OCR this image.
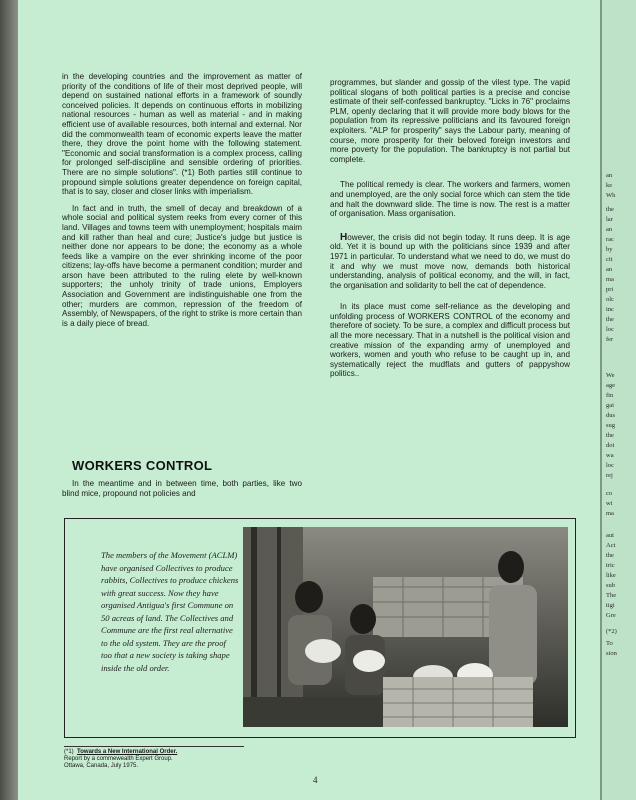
in the developing countries and the improvement as matter of priority of the conditions of life of their most deprived people, will depend on sustained national efforts in a framework of soundly conceived policies. It depends on continuous efforts in mobilizing national resources - human as well as material - and in making efficient use of available resources, both internal and external. Nor did the commonwealth team of economic experts leave the matter there, they drove the point home with the following statement. "Economic and social transformation is a complex process, calling for prolonged self-discipline and sensible ordering of priorities. There are no simple solutions". (*1) Both parties still continue to propound simple solutions greater dependence on foreign capital, that is to say, closer and closer links with imperialism.

In fact and in truth, the smell of decay and breakdown of a whole social and political system reeks from every corner of this land. Villages and towns teem with unemployment; hospitals maim and kill rather than heal and cure; Justice's judge but justice is neither done nor appears to be done; the economy as a whole feeds like a vampire on the ever shrinking income of the poor citizens; lay-offs have become a permanent condition; murder and arson have been attributed to the ruling elete by well-known supporters; the unholy trinity of trade unions, Employers Association and Government are indistinguishable one from the other; murders are common, repression of the freedom of Assembly, of Newspapers, of the right to strike is more certain than is a daily piece of bread.

WORKERS CONTROL

In the meantime and in between time, both parties, like two blind mice, propound not policies and

programmes, but slander and gossip of the vilest type. The vapid political slogans of both political parties is a precise and concise estimate of their self-confessed bankruptcy. "Licks in 76" proclaims PLM, openly declaring that it will provide more body blows for the population from its repressive politicians and its favoured foreign exploiters. "ALP for prosperity" says the Labour party, meaning of course, more prosperity for their beloved foreign investors and more poverty for the population. The bankruptcy is not partial but complete.

The political remedy is clear. The workers and farmers, women and unemployed, are the only social force which can stem the tide and halt the downward slide. The time is now. The rest is a matter of organisation. Mass organisation.

However, the crisis did not begin today. It runs deep. It is age old. Yet it is bound up with the politicians since 1939 and after 1971 in particular. To understand what we need to do, we must do it and why we must move now, demands both historical understanding, analysis of political economy, and the will, in fact, the organisation and solidarity to bell the cat of dependence.

In its place must come self-reliance as the developing and unfolding process of WORKERS CONTROL of the economy and therefore of society. To be sure, a complex and difficult process but all the more necessary. That in a nutshell is the political vision and creative mission of the expanding army of unemployed and workers, women and youth who refuse to be caught up in, and systematically reject the mudflats and gutters of pappyshow politics..

The members of the Movement (ACLM) have organised Collectives to produce rabbits, Collectives to produce chickens with great success. Now they have organised Antigua's first Commune on 50 acreas of land. The Collectives and Commune are the first real alternative to the old system. They are the proof too that a new society is taking shape inside the old order.
(*1) Towards a New International Order.
Report by a commewealth Expert Group.
Ottawa, Canada, July 1975.
4
an
ke
Wh
the
lar
an
rac
by
cit
an
ma
pri
olc
inc
the
loc
fer
We
age
fin
gai
dus
sug
the
doi
wa
loc
rej
co
wi
ma
aut
Act
the
tric
like
sub
The
tigi
Gre
(*2)
To
sion
